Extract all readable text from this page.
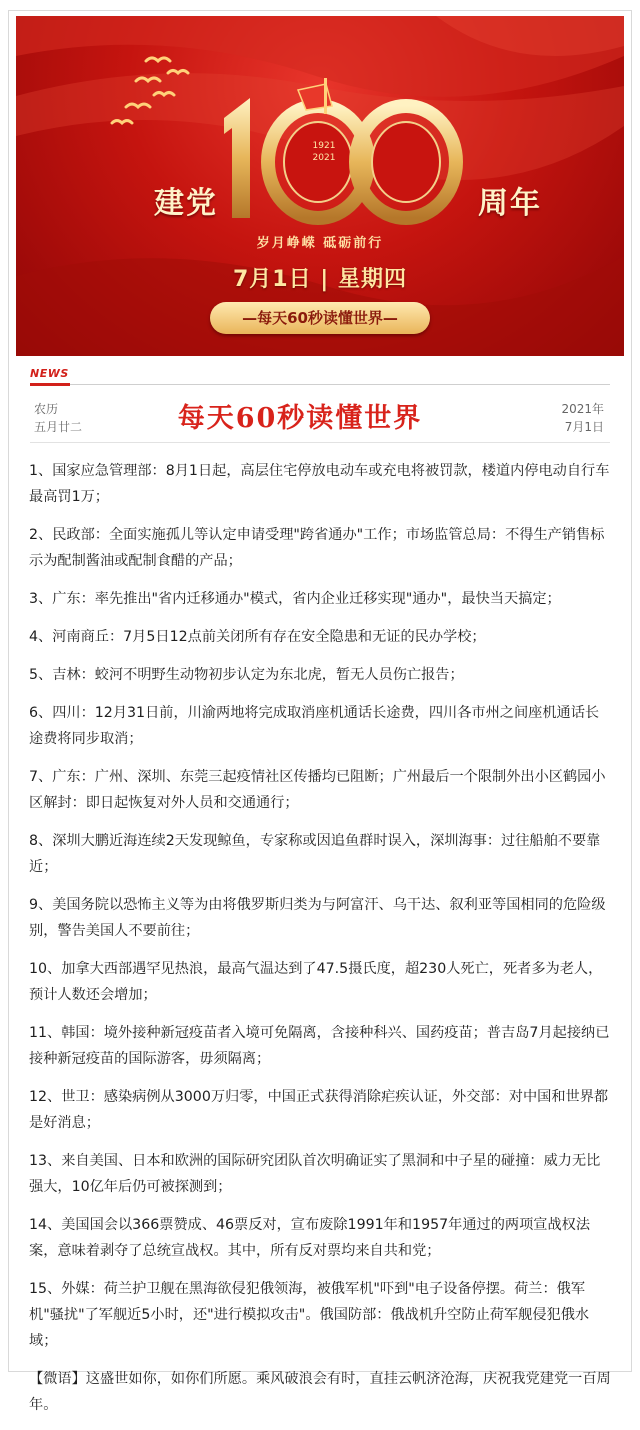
1921
2021
建党	周年
岁月峥嵘 砥砺前行
7月1日 | 星期四
—每天60秒读懂世界—
NEWS
农历
五月廿二	每天60秒读懂世界	2021年
7月1日

1、国家应急管理部：8月1日起，高层住宅停放电动车或充电将被罚款，楼道内停电动自行车最高罚1万；

2、民政部：全面实施孤儿等认定申请受理"跨省通办"工作；市场监管总局：不得生产销售标示为配制酱油或配制食醋的产品；

3、广东：率先推出"省内迁移通办"模式，省内企业迁移实现"通办"，最快当天搞定；

4、河南商丘：7月5日12点前关闭所有存在安全隐患和无证的民办学校；

5、吉林：蛟河不明野生动物初步认定为东北虎，暂无人员伤亡报告；

6、四川：12月31日前，川渝两地将完成取消座机通话长途费，四川各市州之间座机通话长途费将同步取消；

7、广东：广州、深圳、东莞三起疫情社区传播均已阻断；广州最后一个限制外出小区鹤园小区解封：即日起恢复对外人员和交通通行；

8、深圳大鹏近海连续2天发现鲸鱼，专家称或因追鱼群时误入，深圳海事：过往船舶不要靠近；

9、美国务院以恐怖主义等为由将俄罗斯归类为与阿富汗、乌干达、叙利亚等国相同的危险级别，警告美国人不要前往；

10、加拿大西部遇罕见热浪，最高气温达到了47.5摄氏度，超230人死亡，死者多为老人，预计人数还会增加；

11、韩国：境外接种新冠疫苗者入境可免隔离，含接种科兴、国药疫苗；普吉岛7月起接纳已接种新冠疫苗的国际游客，毋须隔离；

12、世卫：感染病例从3000万归零，中国正式获得消除疟疾认证，外交部：对中国和世界都是好消息；

13、来自美国、日本和欧洲的国际研究团队首次明确证实了黑洞和中子星的碰撞：威力无比强大，10亿年后仍可被探测到；

14、美国国会以366票赞成、46票反对，宣布废除1991年和1957年通过的两项宣战权法案，意味着剥夺了总统宣战权。其中，所有反对票均来自共和党；

15、外媒：荷兰护卫舰在黑海欲侵犯俄领海，被俄军机"吓到"电子设备停摆。荷兰：俄军机"骚扰"了军舰近5小时，还"进行模拟攻击"。俄国防部：俄战机升空防止荷军舰侵犯俄水域；

【微语】这盛世如你，如你们所愿。乘风破浪会有时，直挂云帆济沧海，庆祝我党建党一百周年。
